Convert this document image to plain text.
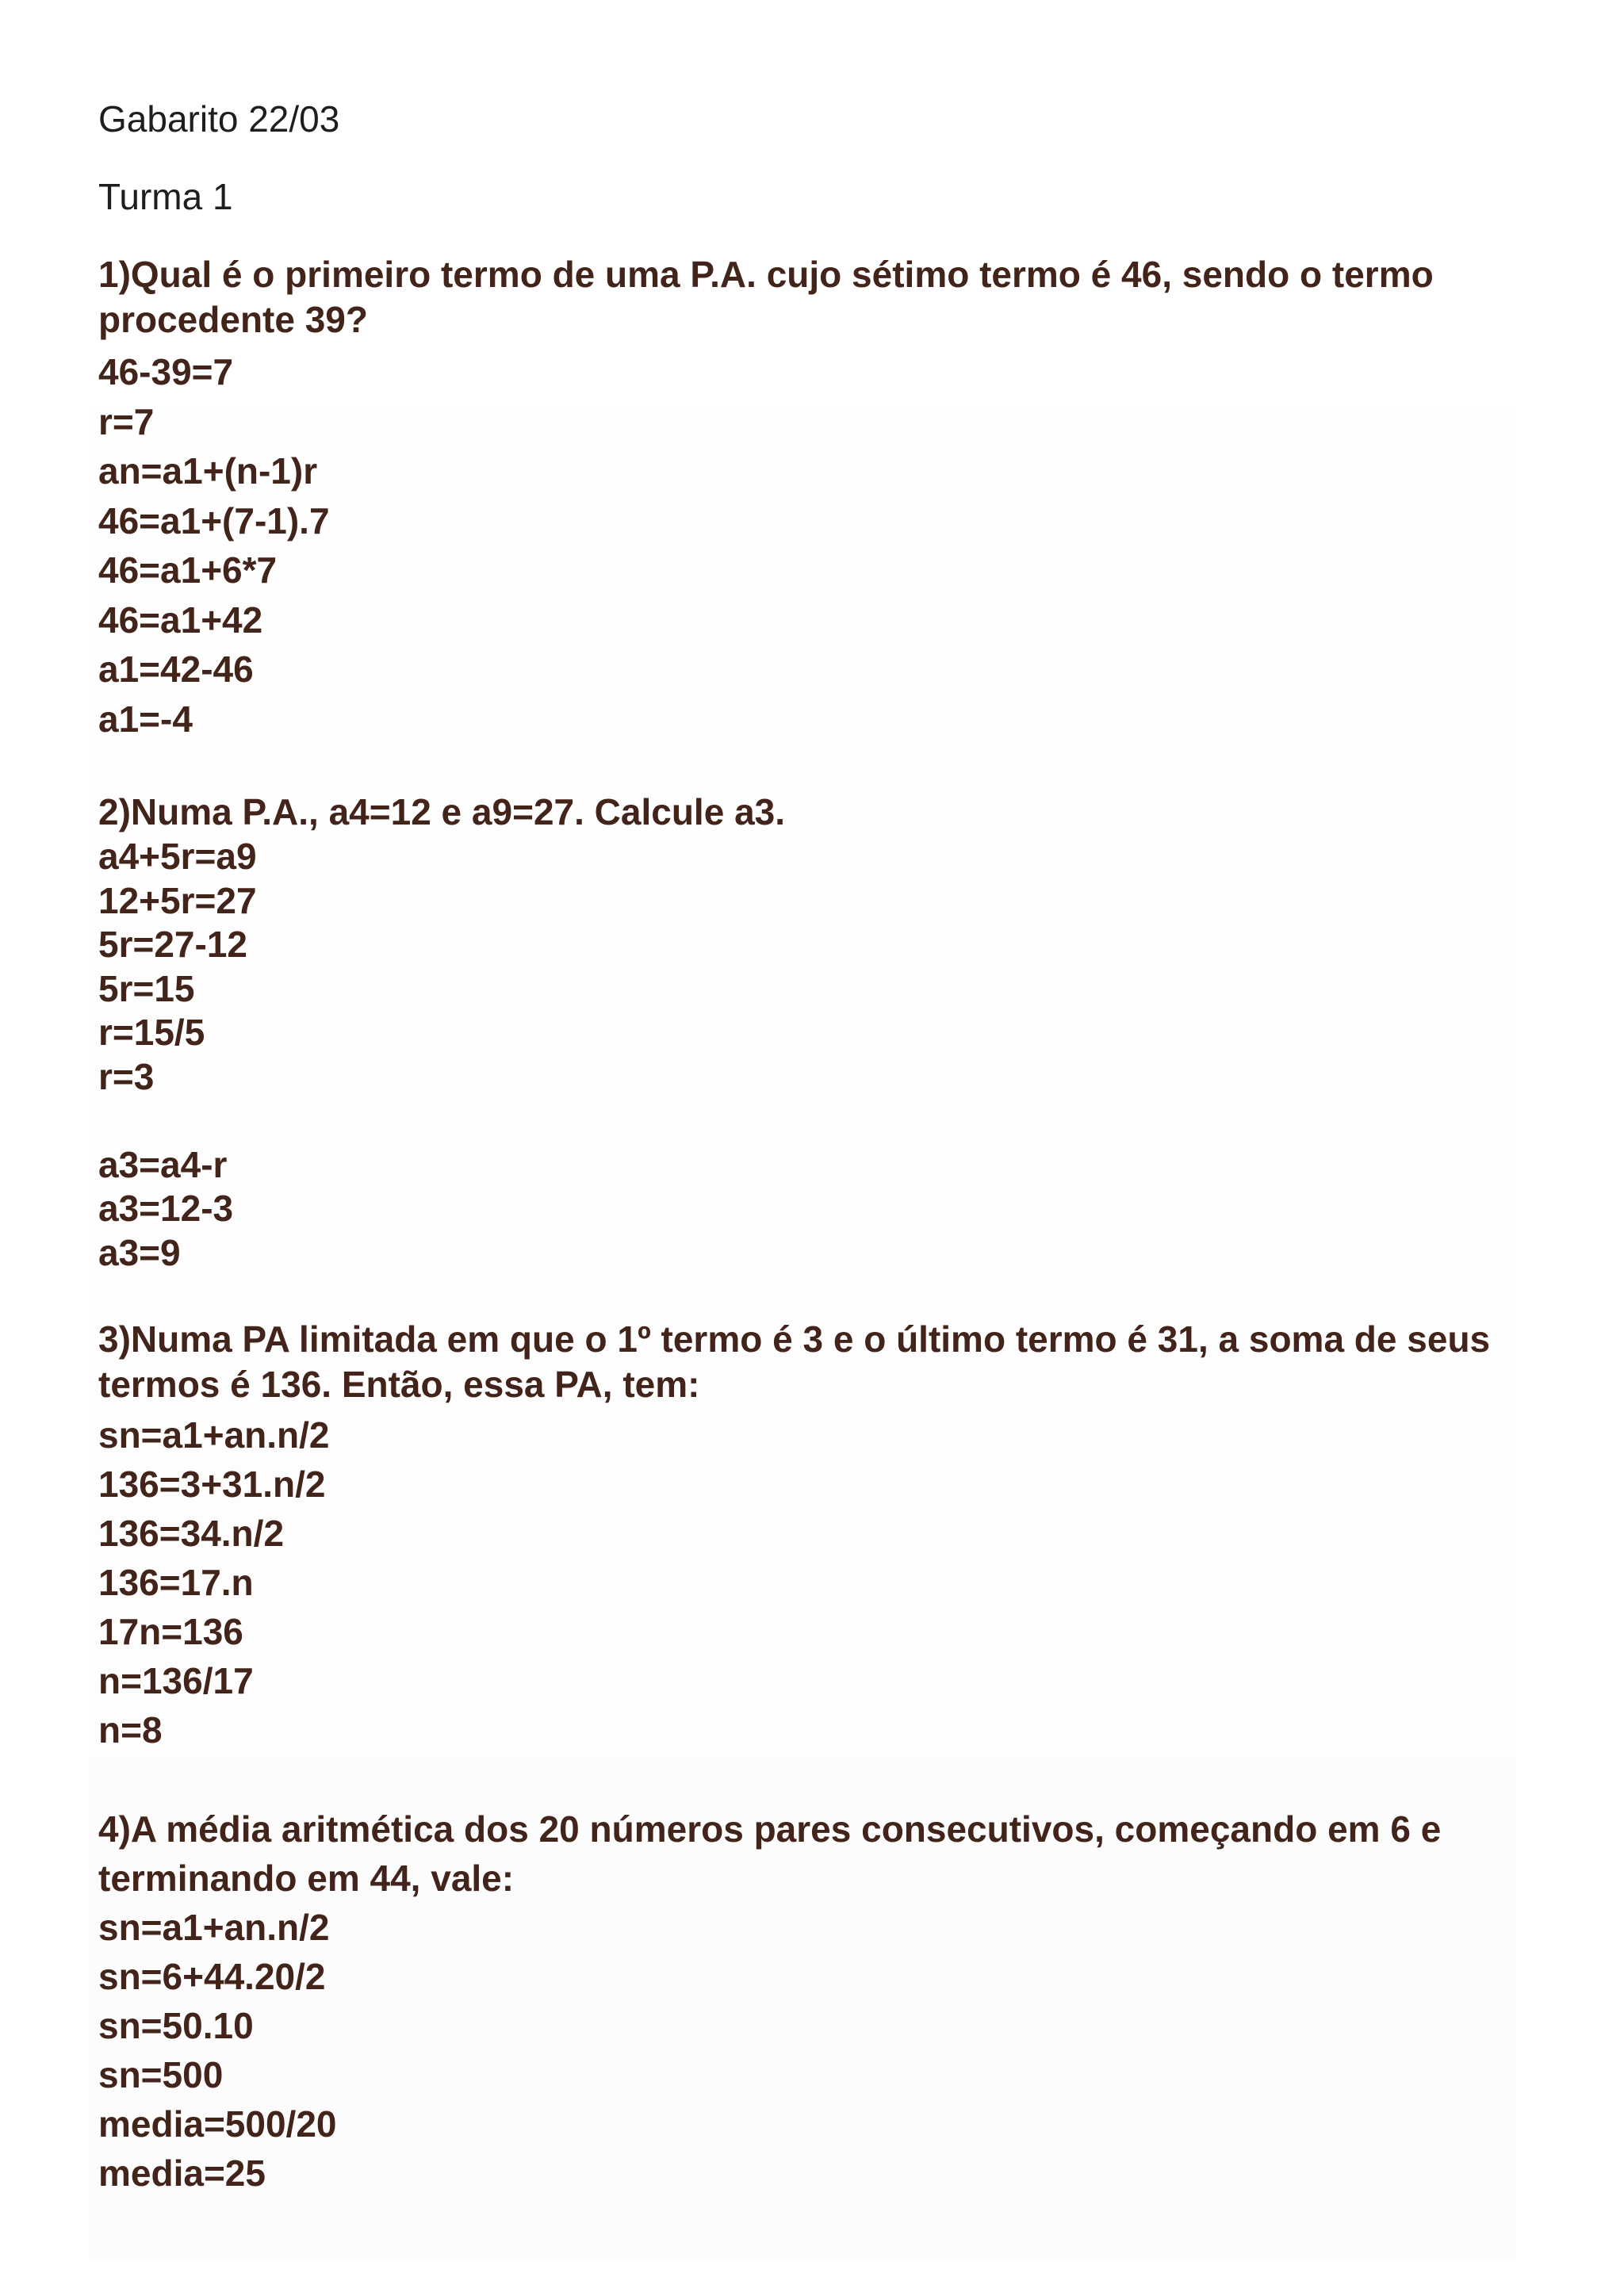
Gabarito 22/03
Turma 1

1)Qual é o primeiro termo de uma P.A. cujo sétimo termo é 46, sendo o termo procedente 39?

46-39=7
r=7
an=a1+(n-1)r
46=a1+(7-1).7
46=a1+6*7
46=a1+42
a1=42-46
a1=-4

2)Numa P.A., a4=12 e a9=27. Calcule a3.

a4+5r=a9
12+5r=27
5r=27-12
5r=15
r=15/5
r=3
a3=a4-r
a3=12-3
a3=9

3)Numa PA limitada em que o 1º termo é 3 e o último termo é 31, a soma de seus termos é 136. Então, essa PA, tem:

sn=a1+an.n/2
136=3+31.n/2
136=34.n/2
136=17.n
17n=136
n=136/17
n=8

4)A média aritmética dos 20 números pares consecutivos, começando em 6 e terminando em 44, vale:

sn=a1+an.n/2
sn=6+44.20/2
sn=50.10
sn=500
media=500/20
media=25
